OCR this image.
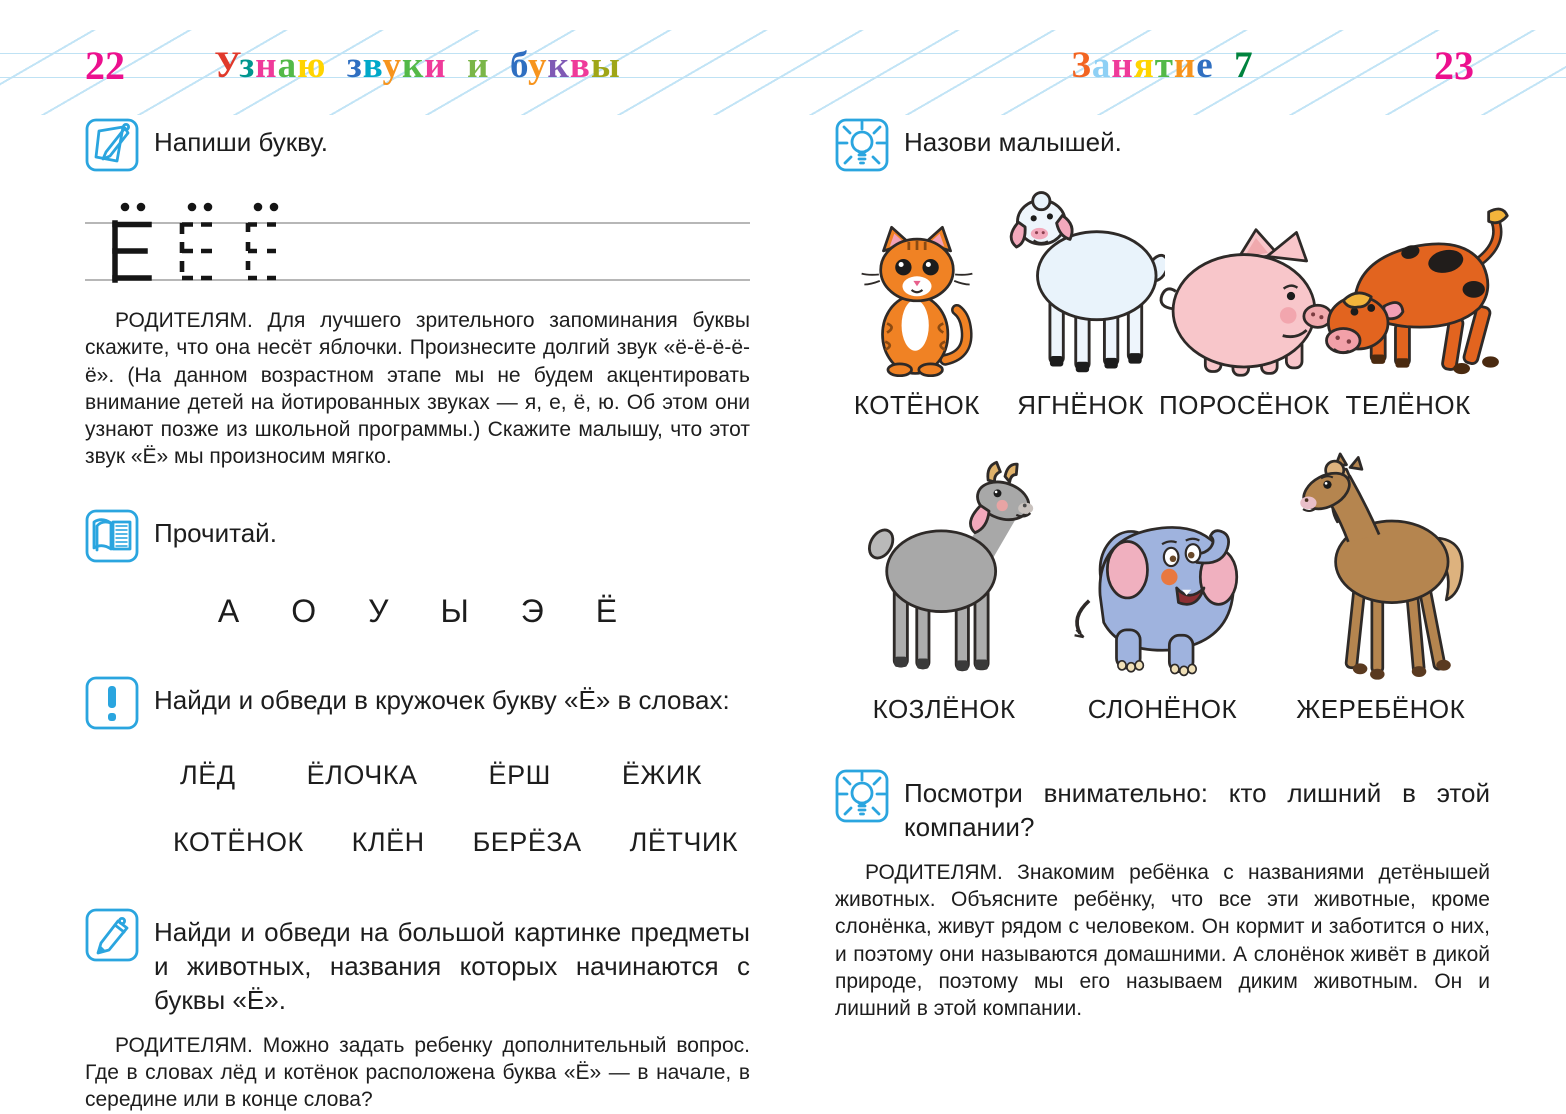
22	Узнаю звуки и буквы	Занятие 7	23

Напиши букву.

РОДИТЕЛЯМ. Для лучшего зрительного запоминания буквы скажите, что она несёт яблочки. Произнесите долгий звук «ё-ё-ё-ё-ё». (На данном возрастном этапе мы не будем акцентировать внимание детей на йотированных звуках — я, е, ё, ю. Об этом они узнают позже из школьной программы.) Скажите малышу, что этот звук «Ё» мы произносим мягко.

Прочитай.

А О У Ы Э Ё

Найди и обведи в кружочек букву «Ё» в словах:

ЛЁД	ЁЛОЧКА	ЁРШ	ЁЖИК
КОТЁНОК КЛЁН БЕРЁЗА ЛЁТЧИК

Найди и обведи на большой картинке предметы и животных, названия которых начинаются с буквы «Ё».

РОДИТЕЛЯМ. Можно задать ребенку дополнительный вопрос. Где в словах лёд и котёнок расположена буква «Ё» — в начале, в середине или в конце слова?

Назови малышей.

КОТЁНОК ЯГНЁНОК ПОРОСЁНОК ТЕЛЁНОК
КОЗЛЁНОК	СЛОНЁНОК ЖЕРЕБЁНОК

Посмотри внимательно: кто лишний в этой компании?

РОДИТЕЛЯМ. Знакомим ребёнка с названиями детёнышей животных. Объясните ребёнку, что все эти животные, кроме слонёнка, живут рядом с человеком. Он кормит и заботится о них, и поэтому они называются домашними. А слонёнок живёт в дикой природе, поэтому мы его называем диким животным. Он и лишний в этой компании.
